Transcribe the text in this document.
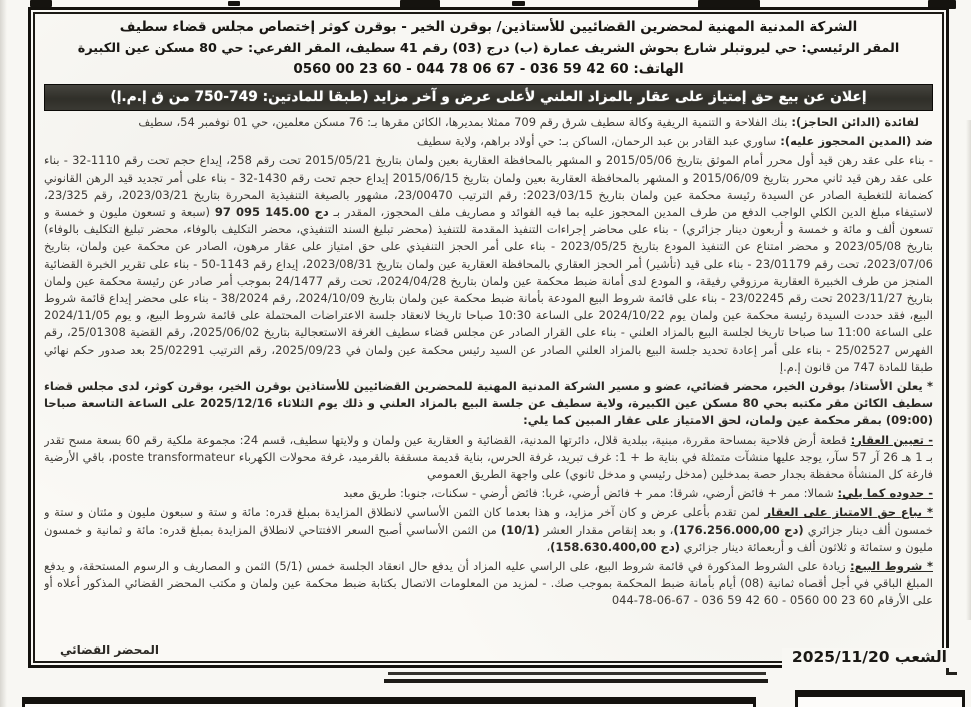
الشركة المدنية المهنية لمحضرين القضائيين للأستاذين/ بوقرن الخير - بوقرن كوثر إختصاص مجلس قضاء سطيف
المقر الرئيسي: حي ليروتبلر شارع بحوش الشريف عمارة (ب) درج (03) رقم 41 سطيف، المقر الفرعي: حي 80 مسكن عين الكبيرة
الهاتف: 0560 00 23 60 - 044 78 06 67 - 036 59 42 60
إعلان عن بيع حق إمتياز على عقار بالمزاد العلني لأعلى عرض و آخر مزايد (طبقا للمادتين: 749-750 من ق إ.م.إ)

لفائدة (الدائن الحاجز): بنك الفلاحة و التنمية الريفية وكالة سطيف شرق رقم 709 ممثلا بمديرها، الكائن مقرها بـ: 76 مسكن معلمين، حي 01 نوفمبر 54، سطيف

ضد (المدين المحجوز عليه): ساوري عبد القادر بن عبد الرحمان، الساكن بـ: حي أولاد براهم، ولاية سطيف

- بناء على عقد رهن قيد أول محرر أمام الموثق بتاريخ 2015/05/06 و المشهر بالمحافظة العقارية بعين ولمان بتاريخ 2015/05/21 تحت رقم 258، إيداع حجم تحت رقم 1110-32 - بناء على عقد رهن قيد ثاني محرر بتاريخ 2015/06/09 و المشهر بالمحافظة العقارية بعين ولمان بتاريخ 2015/06/15 إيداع حجم تحت رقم 1430-32 - بناء على أمر تجديد قيد الرهن القانوني كضمانة للتغطية الصادر عن السيدة رئيسة محكمة عين ولمان بتاريخ 2023/03/15: رقم الترتيب 23/00470، مشهور بالصيغة التنفيذية المحررة بتاريخ 2023/03/21، رقم 23/325، لاستيفاء مبلغ الدين الكلي الواجب الدفع من طرف المدين المحجوز عليه بما فيه الفوائد و مصاريف ملف المحجوز، المقدر بـ 97 095 145.00 دج (سبعة و تسعون مليون و خمسة و تسعون ألف و مائة و خمسة و أربعون دينار جزائري) - بناء على محاضر إجراءات التنفيذ المقدمة للتنفيذ (محضر تبليغ السند التنفيذي، محضر التكليف بالوفاء، محضر تبليغ التكليف بالوفاء) بتاريخ 2023/05/08 و محضر امتناع عن التنفيذ المودع بتاريخ 2023/05/25 - بناء على أمر الحجز التنفيذي على حق امتياز على عقار مرهون، الصادر عن محكمة عين ولمان، بتاريخ 2023/07/06، تحت رقم 23/01179 - بناء على قيد (تأشير) أمر الحجز العقاري بالمحافظة العقارية عين ولمان بتاريخ 2023/08/31، إيداع رقم 1143-50 - بناء على تقرير الخبرة القضائية المنجز من طرف الخبيرة العقارية مرزوقي رفيقة، و المودع لدى أمانة ضبط محكمة عين ولمان بتاريخ 2024/04/28، تحت رقم 24/1477 بموجب أمر صادر عن رئيسة محكمة عين ولمان بتاريخ 2023/11/27 تحت رقم 23/02245 - بناء على قائمة شروط البيع المودعة بأمانة ضبط محكمة عين ولمان بتاريخ 2024/10/09، رقم 38/2024 - بناء على محضر إيداع قائمة شروط البيع، فقد حددت السيدة رئيسة محكمة عين ولمان يوم 2024/10/22 على الساعة 10:30 صباحا تاريخا لانعقاد جلسة الاعتراضات المحتملة على قائمة شروط البيع، و يوم 2024/11/05 على الساعة 11:00 سا صباحا تاريخا لجلسة البيع بالمزاد العلني - بناء على القرار الصادر عن مجلس قضاء سطيف الغرفة الاستعجالية بتاريخ 2025/06/02، رقم القضية 25/01308، رقم الفهرس 25/02527 - بناء على أمر إعادة تحديد جلسة البيع بالمزاد العلني الصادر عن السيد رئيس محكمة عين ولمان في 2025/09/23، رقم الترتيب 25/02291 بعد صدور حكم نهائي طبقا للمادة 747 من قانون إ.م.إ

* يعلن الأستاذ/ بوقرن الخير، محضر قضائي، عضو و مسير الشركة المدنية المهنية للمحضرين القضائيين للأستاذين بوقرن الخير، بوقرن كوثر، لدى مجلس قضاء سطيف الكائن مقر مكتبه بحي 80 مسكن عين الكبيرة، ولاية سطيف عن جلسة البيع بالمزاد العلني و ذلك يوم الثلاثاء 2025/12/16 على الساعة التاسعة صباحا (09:00) بمقر محكمة عين ولمان، لحق الامتياز على عقار المبين كما يلي:

- تعيين العقار: قطعة أرض فلاحية بمساحة مقررة، مبنية، ببلدية قلال، دائرتها المدنية، القضائية و العقارية عين ولمان و ولايتها سطيف، قسم 24: مجموعة ملكية رقم 60 بسعة مسح تقدر بـ 1 هـ 26 آر 57 سآر، يوجد عليها منشآت متمثلة في بناية ط + 1: غرف تبريد، غرفة الحرس، بناية قديمة مسقفة بالقرميد، غرفة محولات الكهرباء poste transformateur، باقي الأرضية فارغة كل المنشأة محفظة بجدار حصة بمدخلين (مدخل رئيسي و مدخل ثانوي) على واجهة الطريق العمومي

- حدوده كما يلي: شمالا: ممر + فائض أرضي، شرقا: ممر + فائض أرضي، غربا: فائض أرضي - سكنات، جنوبا: طريق معبد

* يباع حق الامتياز على العقار لمن تقدم بأعلى عرض و كان آخر مزايد، و هذا بعدما كان الثمن الأساسي لانطلاق المزايدة بمبلغ قدره: مائة و ستة و سبعون مليون و مئتان و ستة و خمسون ألف دينار جزائري (176.256.000,00 دج)، و بعد إنقاص مقدار العشر (10/1) من الثمن الأساسي أصبح السعر الافتتاحي لانطلاق المزايدة بمبلغ قدره: مائة و ثمانية و خمسون مليون و ستمائة و ثلاثون ألف و أربعمائة دينار جزائري (158.630.400,00 دج)،

* شروط البيع: زيادة على الشروط المذكورة في قائمة شروط البيع، على الراسي عليه المزاد أن يدفع حال انعقاد الجلسة خمس (5/1) الثمن و المصاريف و الرسوم المستحقة، و يدفع المبلغ الباقي في أجل أقصاه ثمانية (08) أيام بأمانة ضبط المحكمة بموجب صك. - لمزيد من المعلومات الاتصال بكتابة ضبط محكمة عين ولمان و مكتب المحضر القضائي المذكور أعلاه أو على الأرقام 044-78-06-67 - 036 59 42 60 - 0560 00 23 60

المحضر القضائي	الشعب 2025/11/20
